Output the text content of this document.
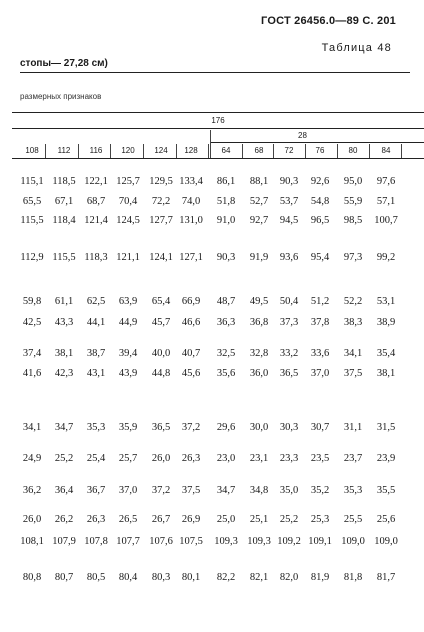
ГОСТ 26456.0—89 С. 201
Таблица 48
стопы— 27,28 см)
размерных признаков
176
28
108	112	116	120	124	128	64	68	72	76	80	84
115,1 118,5 122,1 125,7 129,5 133,4	86,1	88,1	90,3	92,6	95,0	97,6
65,5	67,1	68,7	70,4	72,2	74,0	51,8	52,7	53,7	54,8	55,9	57,1
115,5 118,4 121,4 124,5 127,7 131,0	91,0	92,7	94,5	96,5	98,5	100,7
112,9 115,5 118,3 121,1 124,1 127,1	90,3	91,9	93,6	95,4	97,3	99,2
59,8	61,1	62,5	63,9	65,4	66,9	48,7	49,5	50,4	51,2	52,2	53,1
42,5	43,3	44,1	44,9	45,7	46,6	36,3	36,8	37,3	37,8	38,3	38,9
37,4	38,1	38,7	39,4	40,0	40,7	32,5	32,8	33,2	33,6	34,1	35,4
41,6	42,3	43,1	43,9	44,8	45,6	35,6	36,0	36,5	37,0	37,5	38,1
34,1	34,7	35,3	35,9	36,5	37,2	29,6	30,0	30,3	30,7	31,1	31,5
24,9	25,2	25,4	25,7	26,0	26,3	23,0	23,1	23,3	23,5	23,7	23,9
36,2	36,4	36,7	37,0	37,2	37,5	34,7	34,8	35,0	35,2	35,3	35,5
26,0	26,2	26,3	26,5	26,7	26,9	25,0	25,1	25,2	25,3	25,5	25,6
108,1 107,9 107,8 107,7 107,6 107,5	109,3 109,3 109,2 109,1 109,0 109,0
80,8	80,7	80,5	80,4	80,3	80,1	82,2	82,1	82,0	81,9	81,8	81,7
